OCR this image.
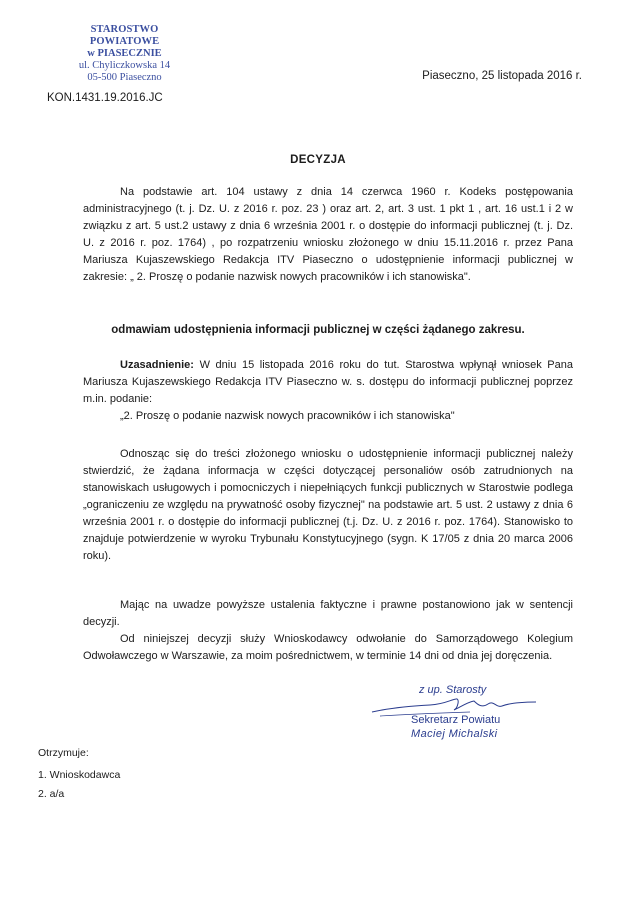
STAROSTWO POWIATOWE
w PIASECZNIE
ul. Chyliczkowska 14
05-500 Piaseczno	Piaseczno, 25 listopada 2016 r.
KON.1431.19.2016.JC
DECYZJA
Na podstawie art. 104 ustawy z dnia 14 czerwca 1960 r. Kodeks postępowania administracyjnego (t. j. Dz. U. z 2016 r. poz. 23 ) oraz art. 2, art. 3 ust. 1 pkt 1 , art. 16 ust.1 i 2 w związku z art. 5 ust.2 ustawy z dnia 6 września 2001 r. o dostępie do informacji publicznej (t. j. Dz. U. z 2016 r. poz. 1764) , po rozpatrzeniu wniosku złożonego w dniu 15.11.2016 r. przez Pana Mariusza Kujaszewskiego Redakcja ITV Piaseczno o udostępnienie informacji publicznej w zakresie: „ 2. Proszę o podanie nazwisk nowych pracowników i ich stanowiska".
odmawiam udostępnienia informacji publicznej w części żądanego zakresu.
Uzasadnienie: W dniu 15 listopada 2016 roku do tut. Starostwa wpłynął wniosek Pana Mariusza Kujaszewskiego Redakcja ITV Piaseczno w. s. dostępu do informacji publicznej poprzez m.in. podanie:
„2. Proszę o podanie nazwisk nowych pracowników i ich stanowiska"
Odnosząc się do treści złożonego wniosku o udostępnienie informacji publicznej należy stwierdzić, że żądana informacja w części dotyczącej personaliów osób zatrudnionych na stanowiskach usługowych i pomocniczych i niepełniących funkcji publicznych w Starostwie podlega „ograniczeniu ze względu na prywatność osoby fizycznej" na podstawie art. 5 ust. 2 ustawy z dnia 6 września 2001 r. o dostępie do informacji publicznej (t.j. Dz. U. z 2016 r. poz. 1764). Stanowisko to znajduje potwierdzenie w wyroku Trybunału Konstytucyjnego (sygn. K 17/05 z dnia 20 marca 2006 roku).
Mając na uwadze powyższe ustalenia faktyczne i prawne postanowiono jak w sentencji decyzji.
Od niniejszej decyzji służy Wnioskodawcy odwołanie do Samorządowego Kolegium Odwoławczego w Warszawie, za moim pośrednictwem, w terminie 14 dni od dnia jej doręczenia.
z up. Starosty
Sekretarz Powiatu
Maciej Michalski
Otrzymuje:
1. Wnioskodawca
2. a/a
